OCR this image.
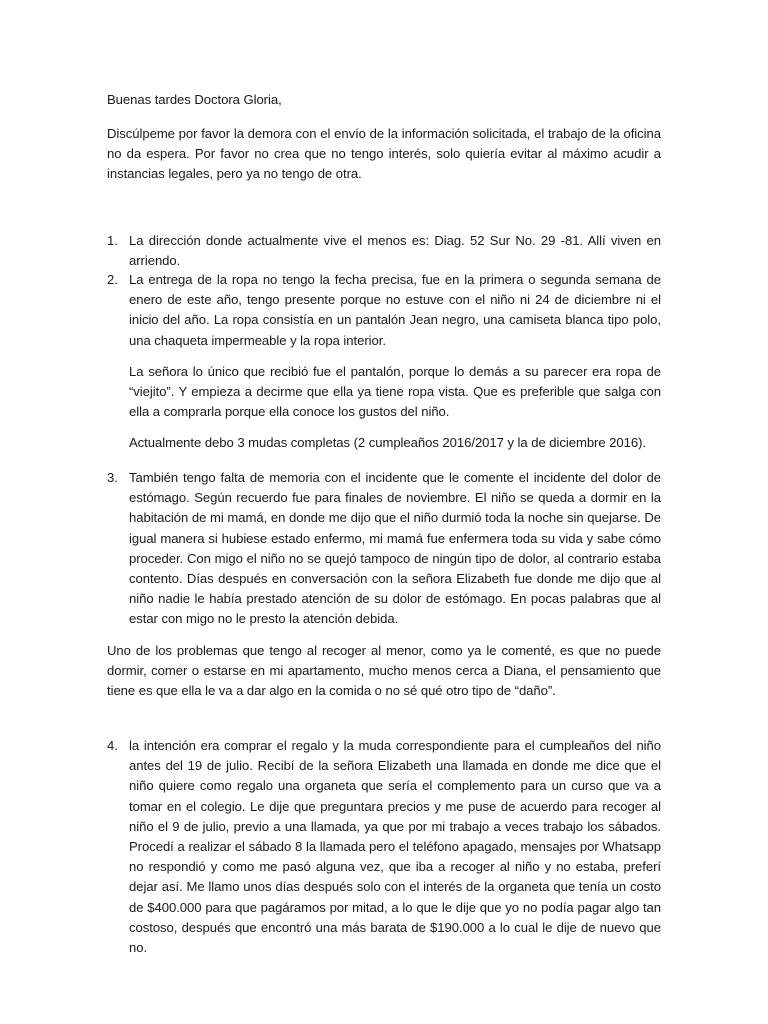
Buenas tardes Doctora Gloria,
Discúlpeme por favor la demora con el envío de la información solicitada, el trabajo de la oficina no da espera. Por favor no crea que no tengo interés, solo quiería evitar al máximo acudir a instancias legales, pero ya no tengo de otra.
1. La dirección donde actualmente vive el menos es: Diag. 52 Sur No. 29 -81. Allí viven en arriendo.

2. La entrega de la ropa no tengo la fecha precisa, fue en la primera o segunda semana de enero de este año, tengo presente porque no estuve con el niño ni 24 de diciembre ni el inicio del año. La ropa consistía en un pantalón Jean negro, una camiseta blanca tipo polo, una chaqueta impermeable y la ropa interior.

La señora lo único que recibió fue el pantalón, porque lo demás a su parecer era ropa de “viejito”. Y empieza a decirme que ella ya tiene ropa vista. Que es preferible que salga con ella a comprarla porque ella conoce los gustos del niño.

Actualmente debo 3 mudas completas (2 cumpleaños 2016/2017 y la de diciembre 2016).

3. También tengo falta de memoria con el incidente que le comente el incidente del dolor de estómago. Según recuerdo fue para finales de noviembre. El niño se queda a dormir en la habitación de mi mamá, en donde me dijo que el niño durmió toda la noche sin quejarse. De igual manera si hubiese estado enfermo, mi mamá fue enfermera toda su vida y sabe cómo proceder. Con migo el niño no se quejó tampoco de ningún tipo de dolor, al contrario estaba contento. Días después en conversación con la señora Elizabeth fue donde me dijo que al niño nadie le había prestado atención de su dolor de estómago. En pocas palabras que al estar con migo no le presto la atención debida.

Uno de los problemas que tengo al recoger al menor, como ya le comenté, es que no puede dormir, comer o estarse en mi apartamento, mucho menos cerca a Diana, el pensamiento que tiene es que ella le va a dar algo en la comida o no sé qué otro tipo de “daño”.
4. la intención era comprar el regalo y la muda correspondiente para el cumpleaños del niño antes del 19 de julio. Recibí de la señora Elizabeth una llamada en donde me dice que el niño quiere como regalo una organeta que sería el complemento para un curso que va a tomar en el colegio. Le dije que preguntara precios y me puse de acuerdo para recoger al niño el 9 de julio, previo a una llamada, ya que por mi trabajo a veces trabajo los sábados. Procedí a realizar el sábado 8 la llamada pero el teléfono apagado, mensajes por Whatsapp no respondió y como me pasó alguna vez, que iba a recoger al niño y no estaba, preferí dejar así. Me llamo unos días después solo con el interés de la organeta que tenía un costo de $400.000 para que pagáramos por mitad, a lo que le dije que yo no podía pagar algo tan costoso, después que encontró una más barata de $190.000 a lo cual le dije de nuevo que no.
